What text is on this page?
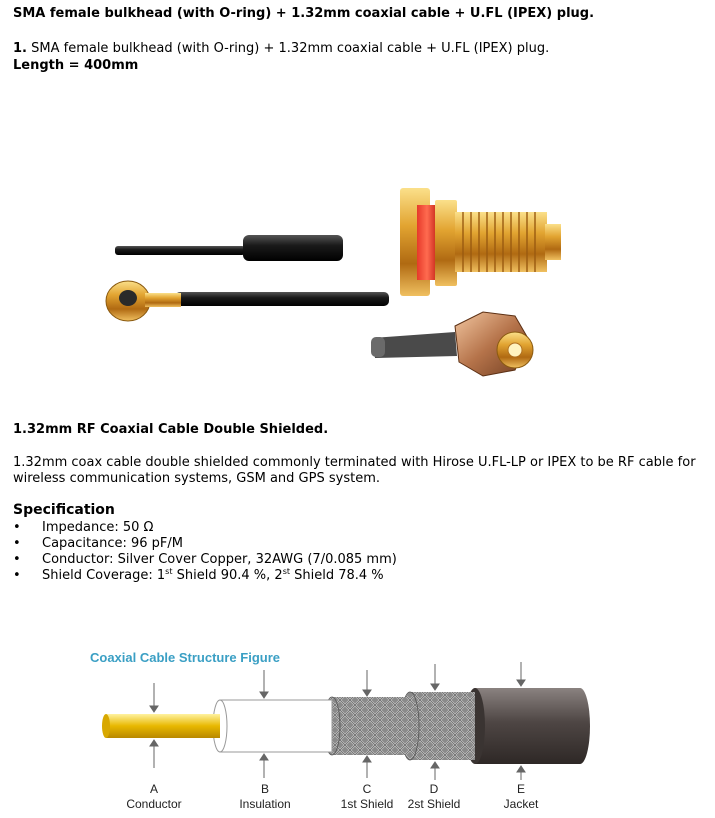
SMA female bulkhead (with O-ring) + 1.32mm coaxial cable + U.FL (IPEX) plug.
1. SMA female bulkhead (with O-ring) + 1.32mm coaxial cable + U.FL (IPEX) plug.
Length = 400mm
1.32mm RF Coaxial Cable Double Shielded.
1.32mm coax cable double shielded commonly terminated with Hirose U.FL-LP or IPEX to be RF cable for wireless communication systems, GSM and GPS system.
Specification
• Impedance: 50 Ω
• Capacitance: 96 pF/M
• Conductor: Silver Cover Copper, 32AWG (7/0.085 mm)
• Shield Coverage: 1st Shield 90.4 %, 2st Shield 78.4 %
Coaxial Cable Structure Figure
A
Conductor
B
Insulation
C
1st Shield
D
2st Shield
E
Jacket
